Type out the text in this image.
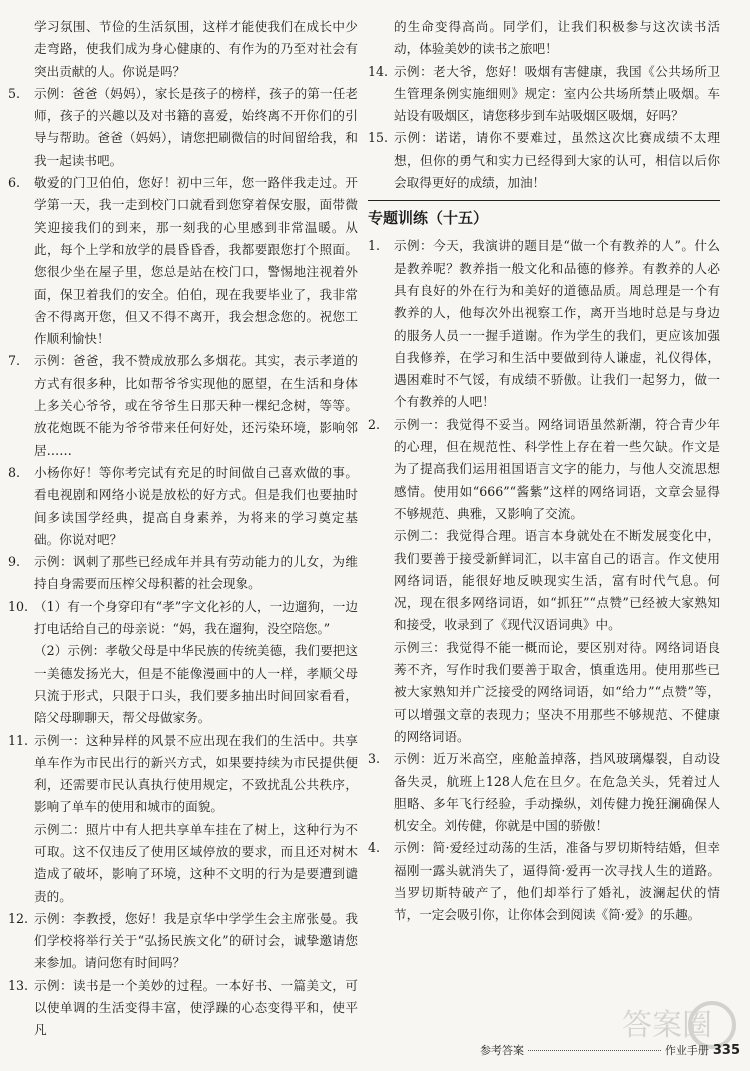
学习氛围、节俭的生活氛围，这样才能使我们在成长中少走弯路，使我们成为身心健康的、有作为的乃至对社会有突出贡献的人。你说是吗？
5.	示例：爸爸（妈妈），家长是孩子的榜样，孩子的第一任老师，孩子的兴趣以及对书籍的喜爱，始终离不开你们的引导与帮助。爸爸（妈妈），请您把刷微信的时间留给我，和我一起读书吧。
6.	敬爱的门卫伯伯，您好！初中三年，您一路伴我走过。开学第一天，我一走到校门口就看到您穿着保安服，面带微笑迎接我们的到来，那一刻我的心里感到非常温暖。从此，每个上学和放学的晨昏昏香，我都要跟您打个照面。您很少坐在屋子里，您总是站在校门口，警惕地注视着外面，保卫着我们的安全。伯伯，现在我要毕业了，我非常舍不得离开您，但又不得不离开，我会想念您的。祝您工作顺利愉快！
7.	示例：爸爸，我不赞成放那么多烟花。其实，表示孝道的方式有很多种，比如帮爷爷实现他的愿望，在生活和身体上多关心爷爷，或在爷爷生日那天种一棵纪念树，等等。放花炮既不能为爷爷带来任何好处，还污染环境，影响邻居……
8.	小杨你好！等你考完试有充足的时间做自己喜欢做的事。看电视剧和网络小说是放松的好方式。但是我们也要抽时间多读国学经典，提高自身素养，为将来的学习奠定基础。你说对吧？
9.	示例：讽刺了那些已经成年并具有劳动能力的儿女，为维持自身需要而压榨父母积蓄的社会现象。
10. （1）有一个身穿印有“孝”字文化衫的人，一边遛狗，一边打电话给自己的母亲说：“妈，我在遛狗，没空陪您。”
（2）示例：孝敬父母是中华民族的传统美德，我们要把这一美德发扬光大，但是不能像漫画中的人一样，孝顺父母只流于形式，只限于口头，我们要多抽出时间回家看看，陪父母聊聊天，帮父母做家务。
11. 示例一：这种异样的风景不应出现在我们的生活中。共享单车作为市民出行的新兴方式，如果要持续为市民提供便利，还需要市民认真执行使用规定，不致扰乱公共秩序，影响了单车的使用和城市的面貌。
示例二：照片中有人把共享单车挂在了树上，这种行为不可取。这不仅违反了使用区域停放的要求，而且还对树木造成了破坏，影响了环境，这种不文明的行为是要遭到谴责的。
12. 示例：李教授，您好！我是京华中学学生会主席张曼。我们学校将举行关于“弘扬民族文化”的研讨会，诚挚邀请您来参加。请问您有时间吗？
13. 示例：读书是一个美妙的过程。一本好书、一篇美文，可以使单调的生活变得丰富，使浮躁的心态变得平和，使平凡
的生命变得高尚。同学们，让我们积极参与这次读书活动，体验美妙的读书之旅吧！
14. 示例：老大爷，您好！吸烟有害健康，我国《公共场所卫生管理条例实施细则》规定：室内公共场所禁止吸烟。车站设有吸烟区，请您移步到车站吸烟区吸烟，好吗？
15. 示例：诺诺，请你不要难过，虽然这次比赛成绩不太理想，但你的勇气和实力已经得到大家的认可，相信以后你会取得更好的成绩，加油！
专题训练（十五）
1.	示例：今天，我演讲的题目是“做一个有教养的人”。什么是教养呢？教养指一般文化和品德的修养。有教养的人必具有良好的外在行为和美好的道德品质。周总理是一个有教养的人，他每次外出视察工作，离开当地时总是与身边的服务人员一一握手道谢。作为学生的我们，更应该加强自我修养，在学习和生活中要做到待人谦虚，礼仪得体，遇困难时不气馁，有成绩不骄傲。让我们一起努力，做一个有教养的人吧！
2.	示例一：我觉得不妥当。网络词语虽然新潮，符合青少年的心理，但在规范性、科学性上存在着一些欠缺。作文是为了提高我们运用祖国语言文字的能力，与他人交流思想感情。使用如“666”“酱紫”这样的网络词语，文章会显得不够规范、典雅，又影响了交流。
示例二：我觉得合理。语言本身就处在不断发展变化中，我们要善于接受新鲜词汇，以丰富自己的语言。作文使用网络词语，能很好地反映现实生活，富有时代气息。何况，现在很多网络词语，如“抓狂”“点赞”已经被大家熟知和接受，收录到了《现代汉语词典》中。
示例三：我觉得不能一概而论，要区别对待。网络词语良莠不齐，写作时我们要善于取舍，慎重选用。使用那些已被大家熟知并广泛接受的网络词语，如“给力”“点赞”等，可以增强文章的表现力；坚决不用那些不够规范、不健康的网络词语。
3.	示例：近万米高空，座舱盖掉落，挡风玻璃爆裂，自动设备失灵，航班上128人危在旦夕。在危急关头，凭着过人胆略、多年飞行经验，手动操纵，刘传健力挽狂澜确保人机安全。刘传健，你就是中国的骄傲！
4.	示例：简·爱经过动荡的生活，准备与罗切斯特结婚，但幸福刚一露头就消失了，逼得简·爱再一次寻找人生的道路。当罗切斯特破产了，他们却举行了婚礼，波澜起伏的情节，一定会吸引你，让你体会到阅读《简·爱》的乐趣。
答案圈
参考答案	作业手册 335
